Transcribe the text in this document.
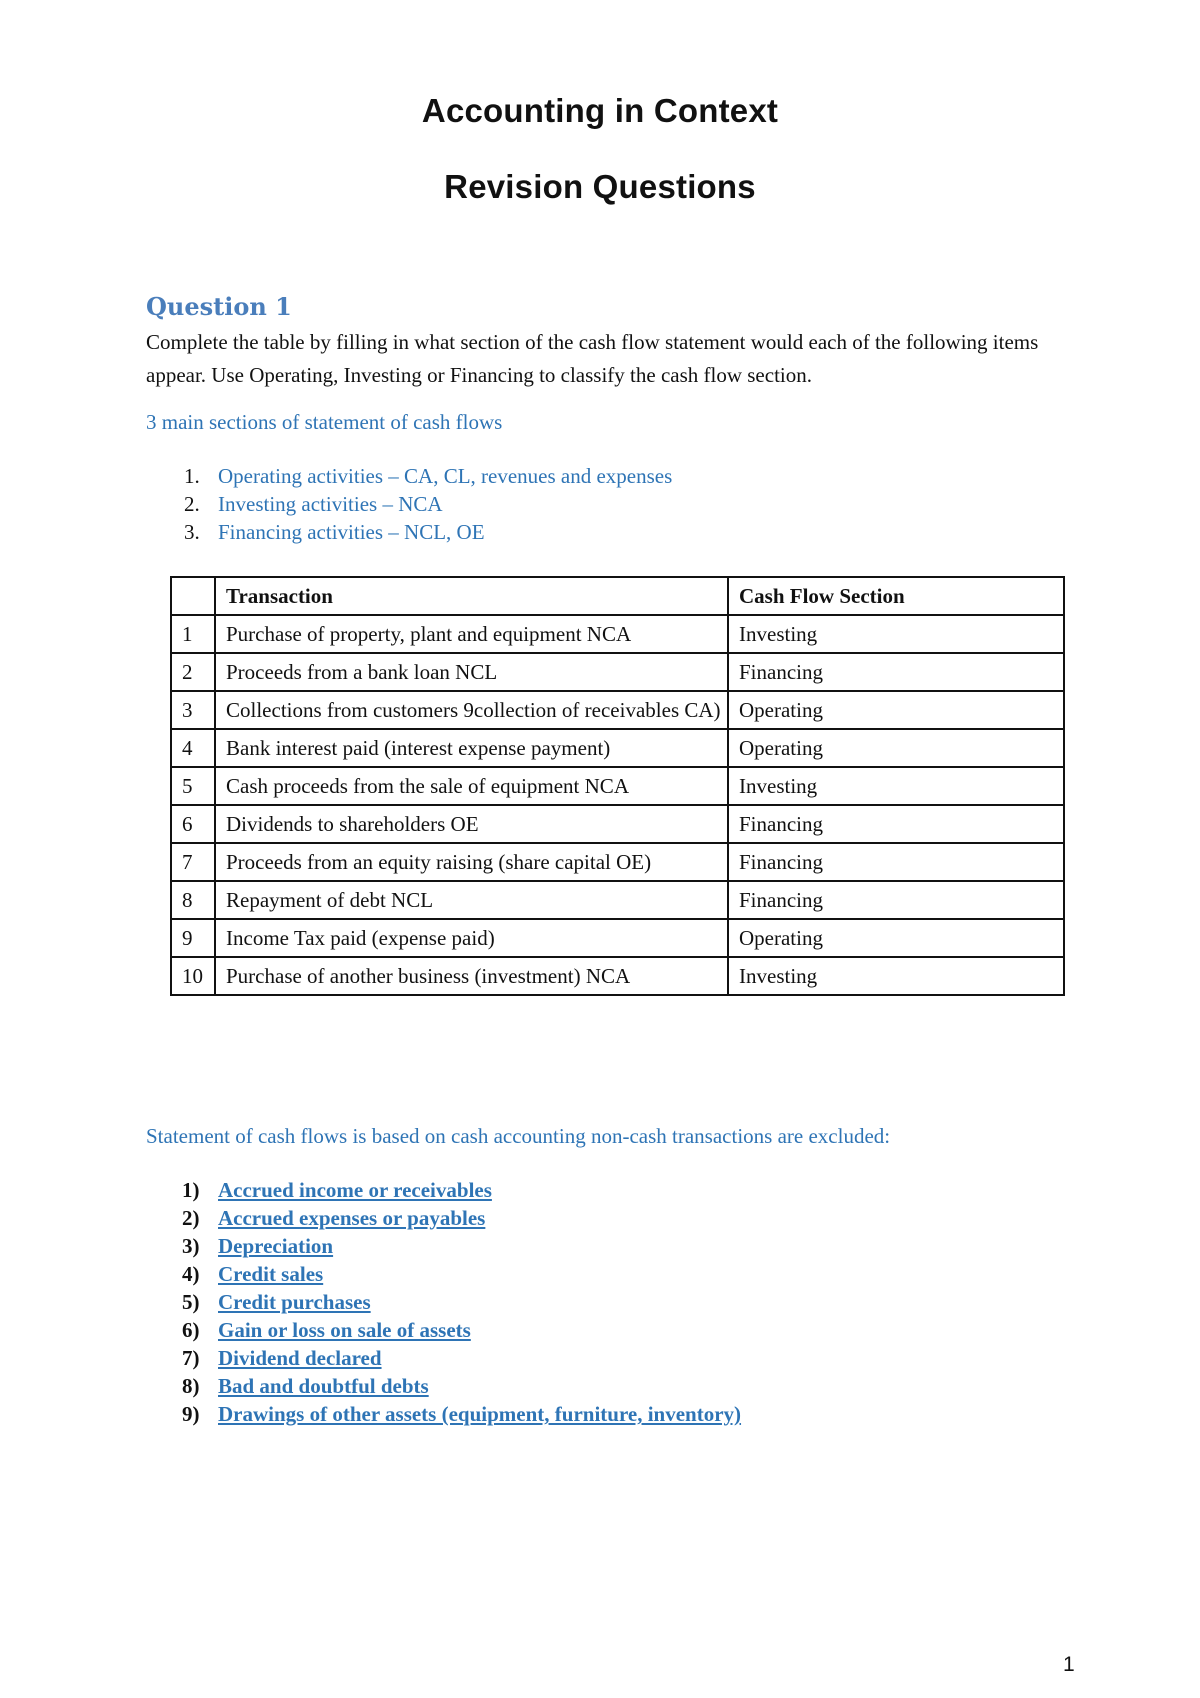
Accounting in Context
Revision Questions
Question 1

Complete the table by filling in what section of the cash flow statement would each of the following items appear. Use Operating, Investing or Financing to classify the cash flow section.

3 main sections of statement of cash flows

1. Operating activities – CA, CL, revenues and expenses
2. Investing activities – NCA
3. Financing activities – NCL, OE
	Transaction	Cash Flow Section
1	Purchase of property, plant and equipment NCA	Investing
2	Proceeds from a bank loan NCL	Financing
3	Collections from customers 9collection of receivables CA)	Operating
4	Bank interest paid (interest expense payment)	Operating
5	Cash proceeds from the sale of equipment NCA	Investing
6	Dividends to shareholders OE	Financing
7	Proceeds from an equity raising (share capital OE)	Financing
8	Repayment of debt NCL	Financing
9	Income Tax paid (expense paid)	Operating
10	Purchase of another business (investment) NCA	Investing

Statement of cash flows is based on cash accounting non-cash transactions are excluded:

1) Accrued income or receivables
2) Accrued expenses or payables
3) Depreciation
4) Credit sales
5) Credit purchases
6) Gain or loss on sale of assets
7) Dividend declared
8) Bad and doubtful debts
9) Drawings of other assets (equipment, furniture, inventory)

1
